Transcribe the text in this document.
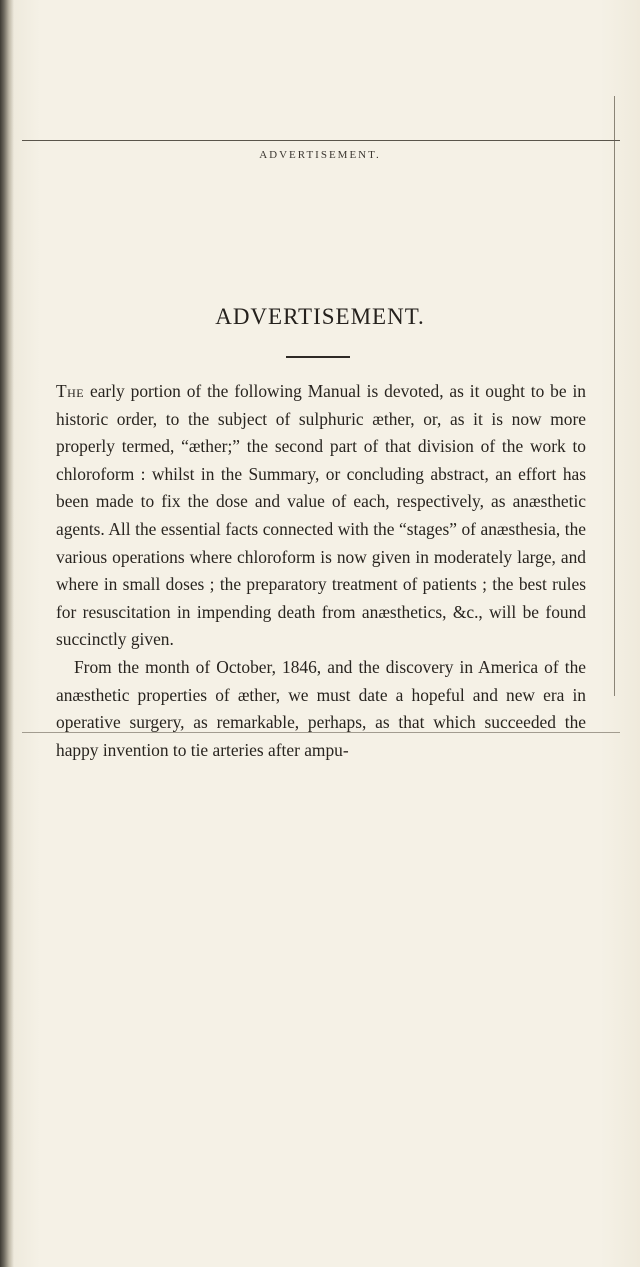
ADVERTISEMENT.
ADVERTISEMENT.

The early portion of the following Manual is devoted, as it ought to be in historic order, to the subject of sulphuric æther, or, as it is now more properly termed, “æther;” the second part of that division of the work to chloroform : whilst in the Summary, or concluding abstract, an effort has been made to fix the dose and value of each, respectively, as anæsthetic agents. All the essential facts connected with the “stages” of anæsthesia, the various operations where chloroform is now given in moderately large, and where in small doses ; the preparatory treatment of patients ; the best rules for resuscitation in impending death from anæsthetics, &c., will be found succinctly given.

From the month of October, 1846, and the discovery in America of the anæsthetic properties of æther, we must date a hopeful and new era in operative surgery, as remarkable, perhaps, as that which succeeded the happy invention to tie arteries after ampu-
